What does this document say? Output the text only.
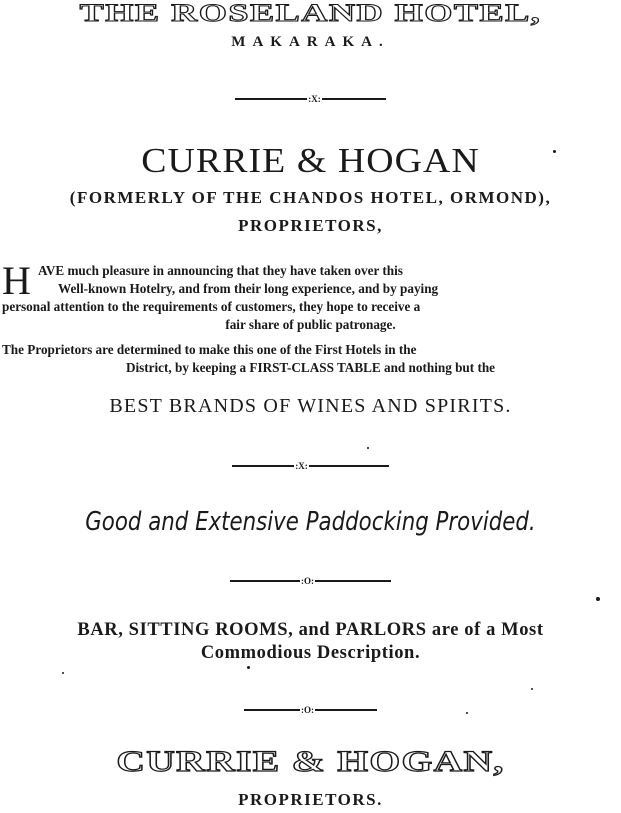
THE ROSELAND HOTEL,
MAKARAKA.
:X:
CURRIE & HOGAN
(FORMERLY OF THE CHANDOS HOTEL, ORMOND),
PROPRIETORS,
H AVE much pleasure in announcing that they have taken over this
Well-known Hotelry, and from their long experience, and by paying
personal attention to the requirements of customers, they hope to receive a
fair share of public patronage.
The Proprietors are determined to make this one of the First Hotels in the
District, by keeping a FIRST-CLASS TABLE and nothing but the
BEST BRANDS OF WINES AND SPIRITS.
:X:
Good and Extensive Paddocking Provided.
:O:
BAR, SITTING ROOMS, and PARLORS are of a Most
Commodious Description.
:O:
CURRIE & HOGAN,
PROPRIETORS.
